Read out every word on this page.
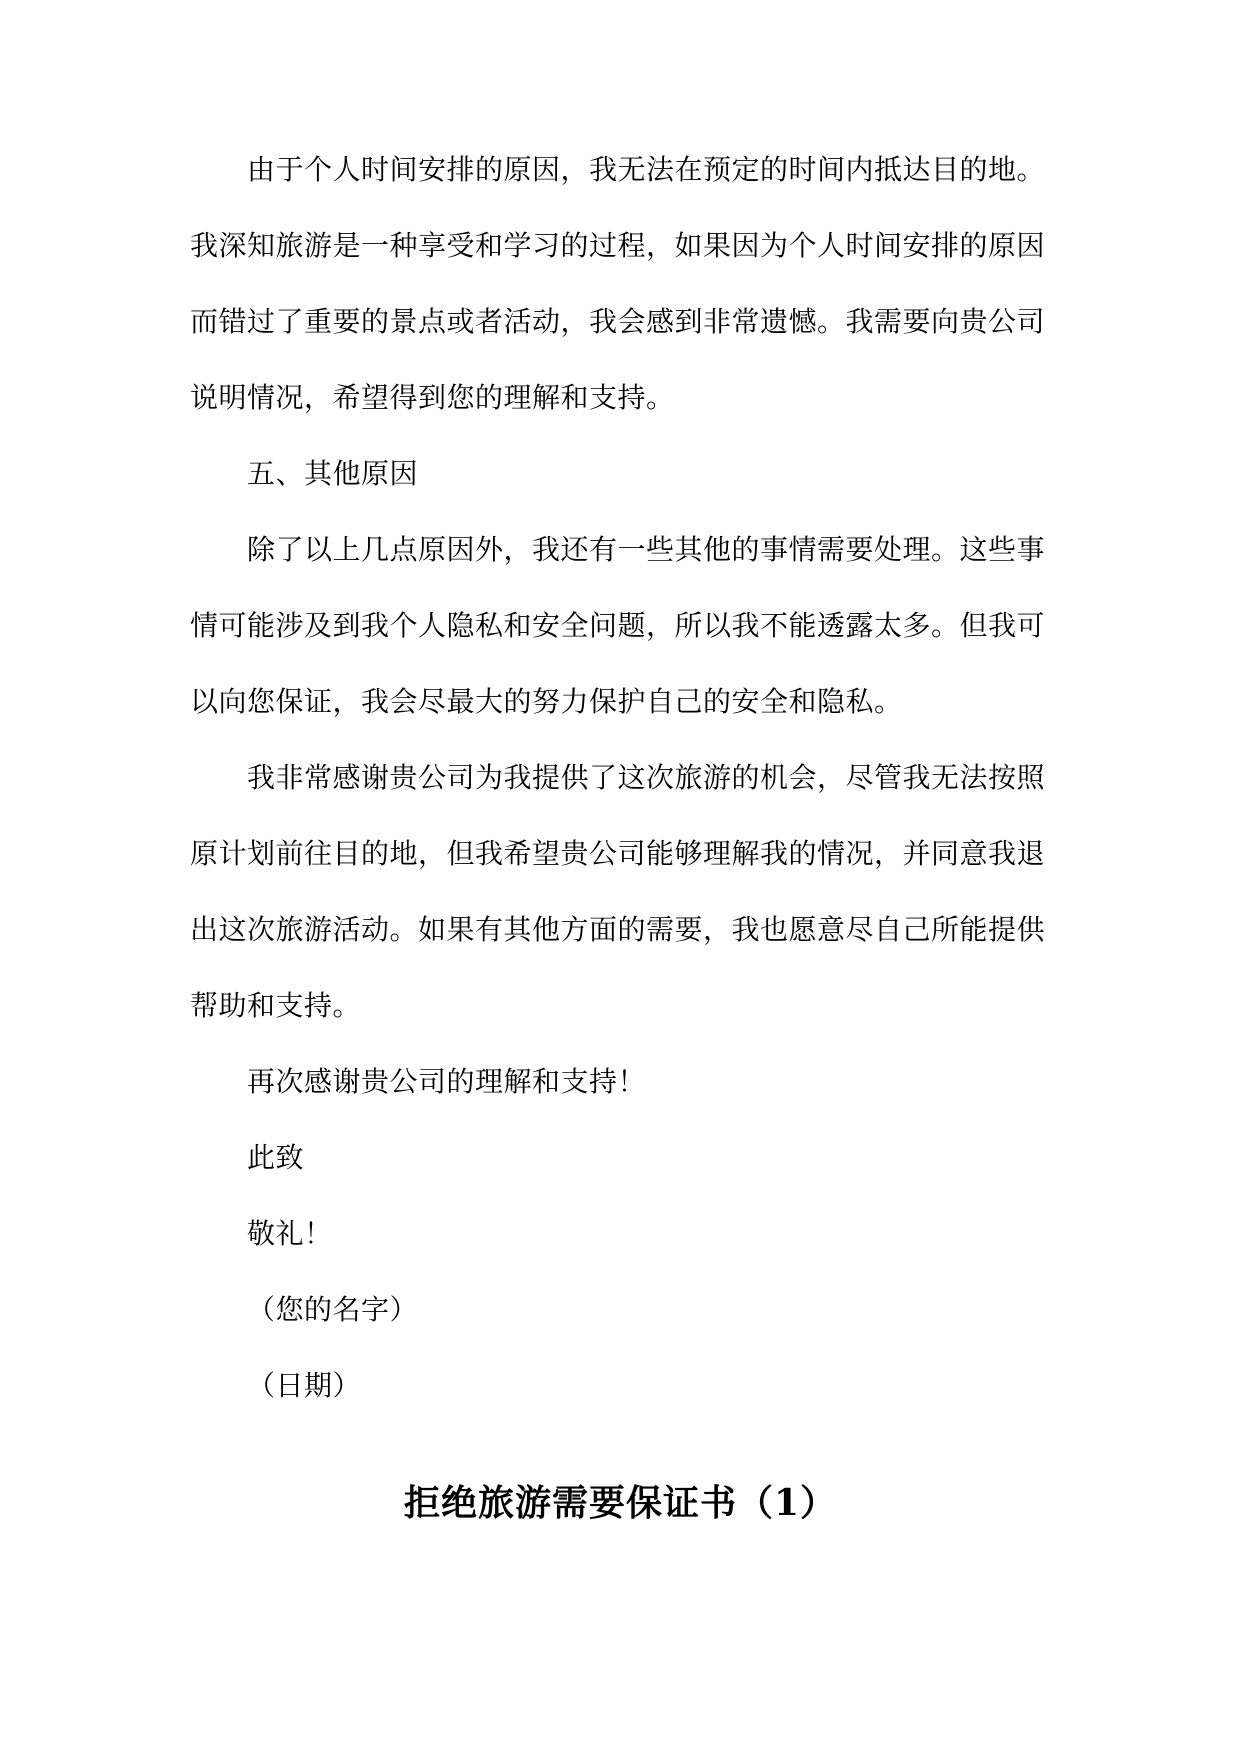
由于个人时间安排的原因，我无法在预定的时间内抵达目的地。
我深知旅游是一种享受和学习的过程，如果因为个人时间安排的原因
而错过了重要的景点或者活动，我会感到非常遗憾。我需要向贵公司
说明情况，希望得到您的理解和支持。
五、其他原因
除了以上几点原因外，我还有一些其他的事情需要处理。这些事
情可能涉及到我个人隐私和安全问题，所以我不能透露太多。但我可
以向您保证，我会尽最大的努力保护自己的安全和隐私。
我非常感谢贵公司为我提供了这次旅游的机会，尽管我无法按照
原计划前往目的地，但我希望贵公司能够理解我的情况，并同意我退
出这次旅游活动。如果有其他方面的需要，我也愿意尽自己所能提供
帮助和支持。
再次感谢贵公司的理解和支持！
此致
敬礼！
（您的名字）
（日期）
拒绝旅游需要保证书（1）
